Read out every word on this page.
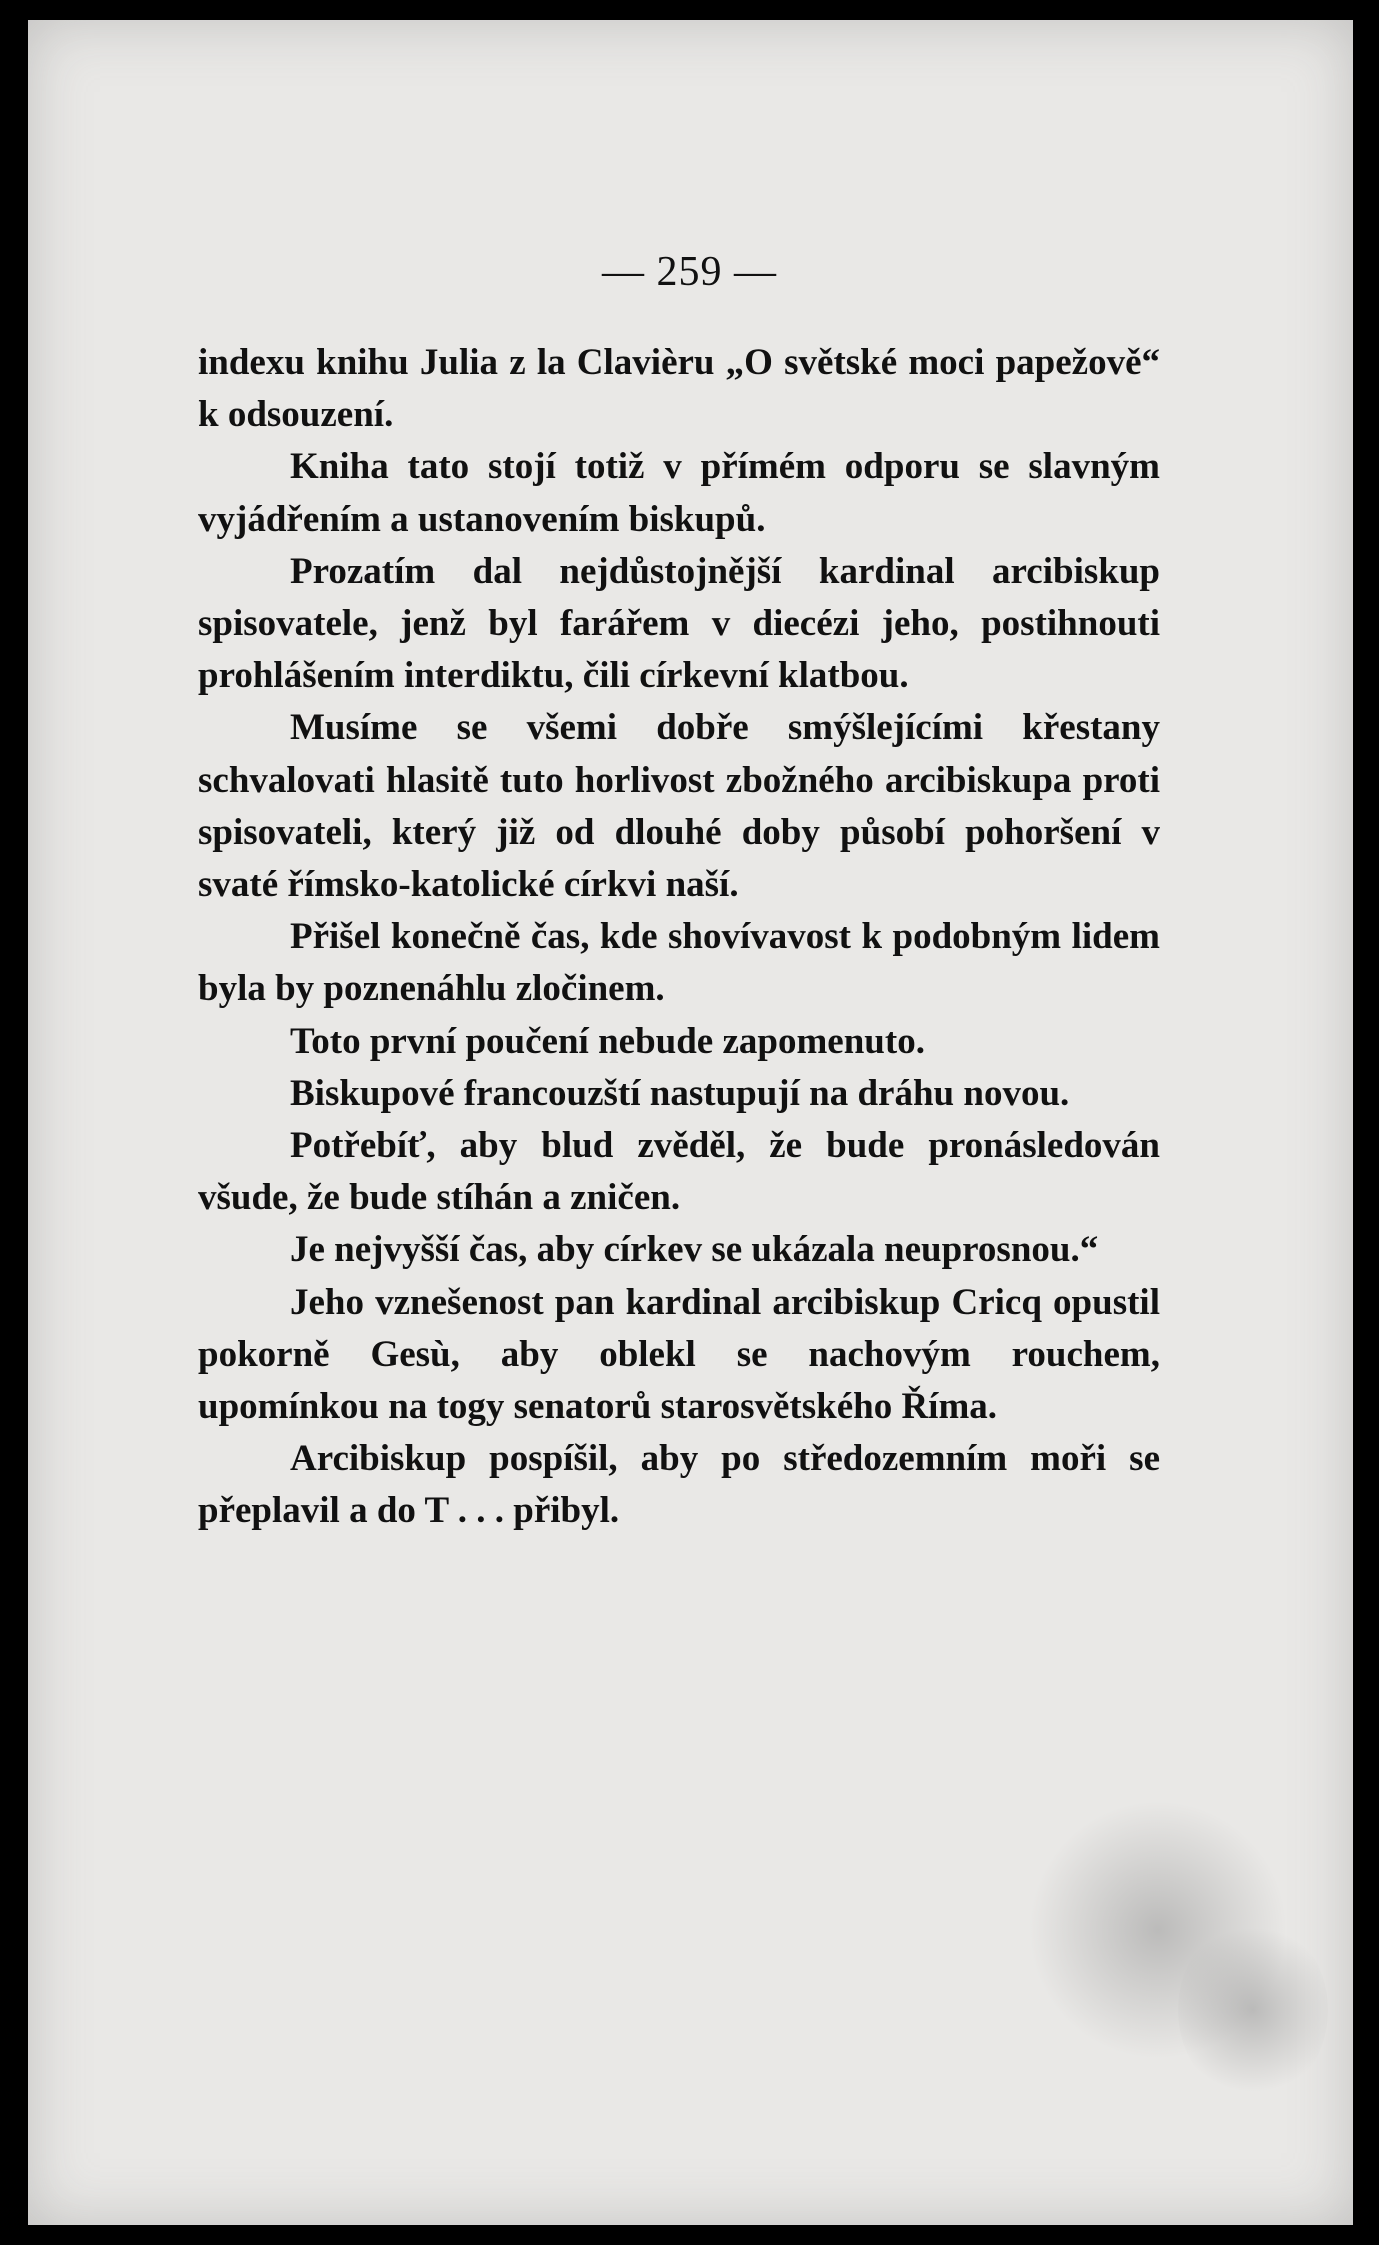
— 259 —

indexu knihu Julia z la Clavièru „O světské moci papežově“ k odsouzení.

Kniha tato stojí totiž v přímém odporu se slavným vyjádřením a ustanovením biskupů.

Prozatím dal nejdůstojnější kardinal arcibiskup spisovatele, jenž byl farářem v diecézi jeho, postihnouti prohlášením interdiktu, čili církevní klatbou.

Musíme se všemi dobře smýšlejícími křestany schvalovati hlasitě tuto horlivost zbožného arcibiskupa proti spisovateli, který již od dlouhé doby působí pohoršení v svaté římsko-katolické církvi naší.

Přišel konečně čas, kde shovívavost k podobným lidem byla by poznenáhlu zločinem.

Toto první poučení nebude zapomenuto.

Biskupové francouzští nastupují na dráhu novou.

Potřebíť, aby blud zvěděl, že bude pronásledován všude, že bude stíhán a zničen.

Je nejvyšší čas, aby církev se ukázala neuprosnou.“

Jeho vznešenost pan kardinal arcibiskup Cricq opustil pokorně Gesù, aby oblekl se nachovým rouchem, upomínkou na togy senatorů starosvětského Říma.

Arcibiskup pospíšil, aby po středozemním moři se přeplavil a do T . . . přibyl.
